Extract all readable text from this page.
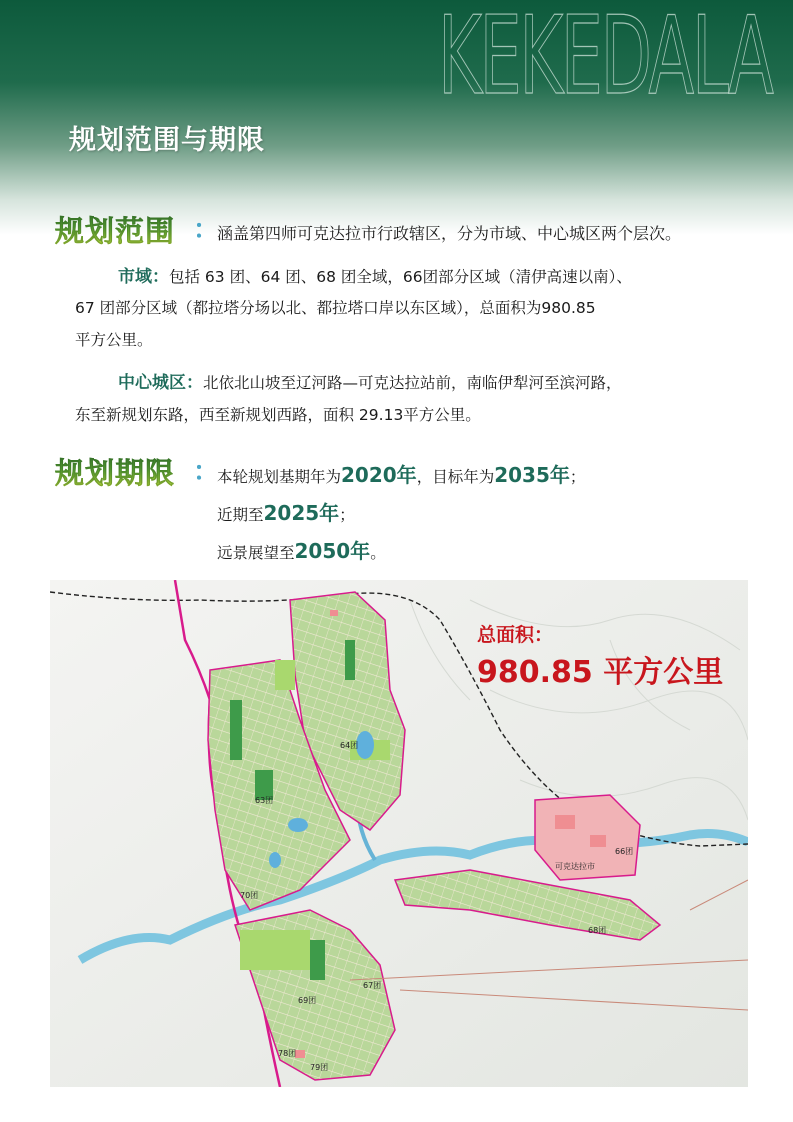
KEKEDALA
规划范围与期限
规划范围 ：
涵盖第四师可克达拉市行政辖区，分为市域、中心城区两个层次。
市域：包括 63 团、64 团、68 团全域，66团部分区域（清伊高速以南）、
67 团部分区域（都拉塔分场以北、都拉塔口岸以东区域），总面积为980.85
平方公里。
中心城区：北依北山坡至辽河路—可克达拉站前，南临伊犁河至滨河路，
东至新规划东路，西至新规划西路，面积 29.13平方公里。
规划期限 ：
本轮规划基期年为2020年，目标年为2035年；
近期至2025年；
远景展望至2050年。
总面积：
980.85 平方公里
64团
63团
70团
66团
可克达拉市
68团
67团
69团
78团
79团
